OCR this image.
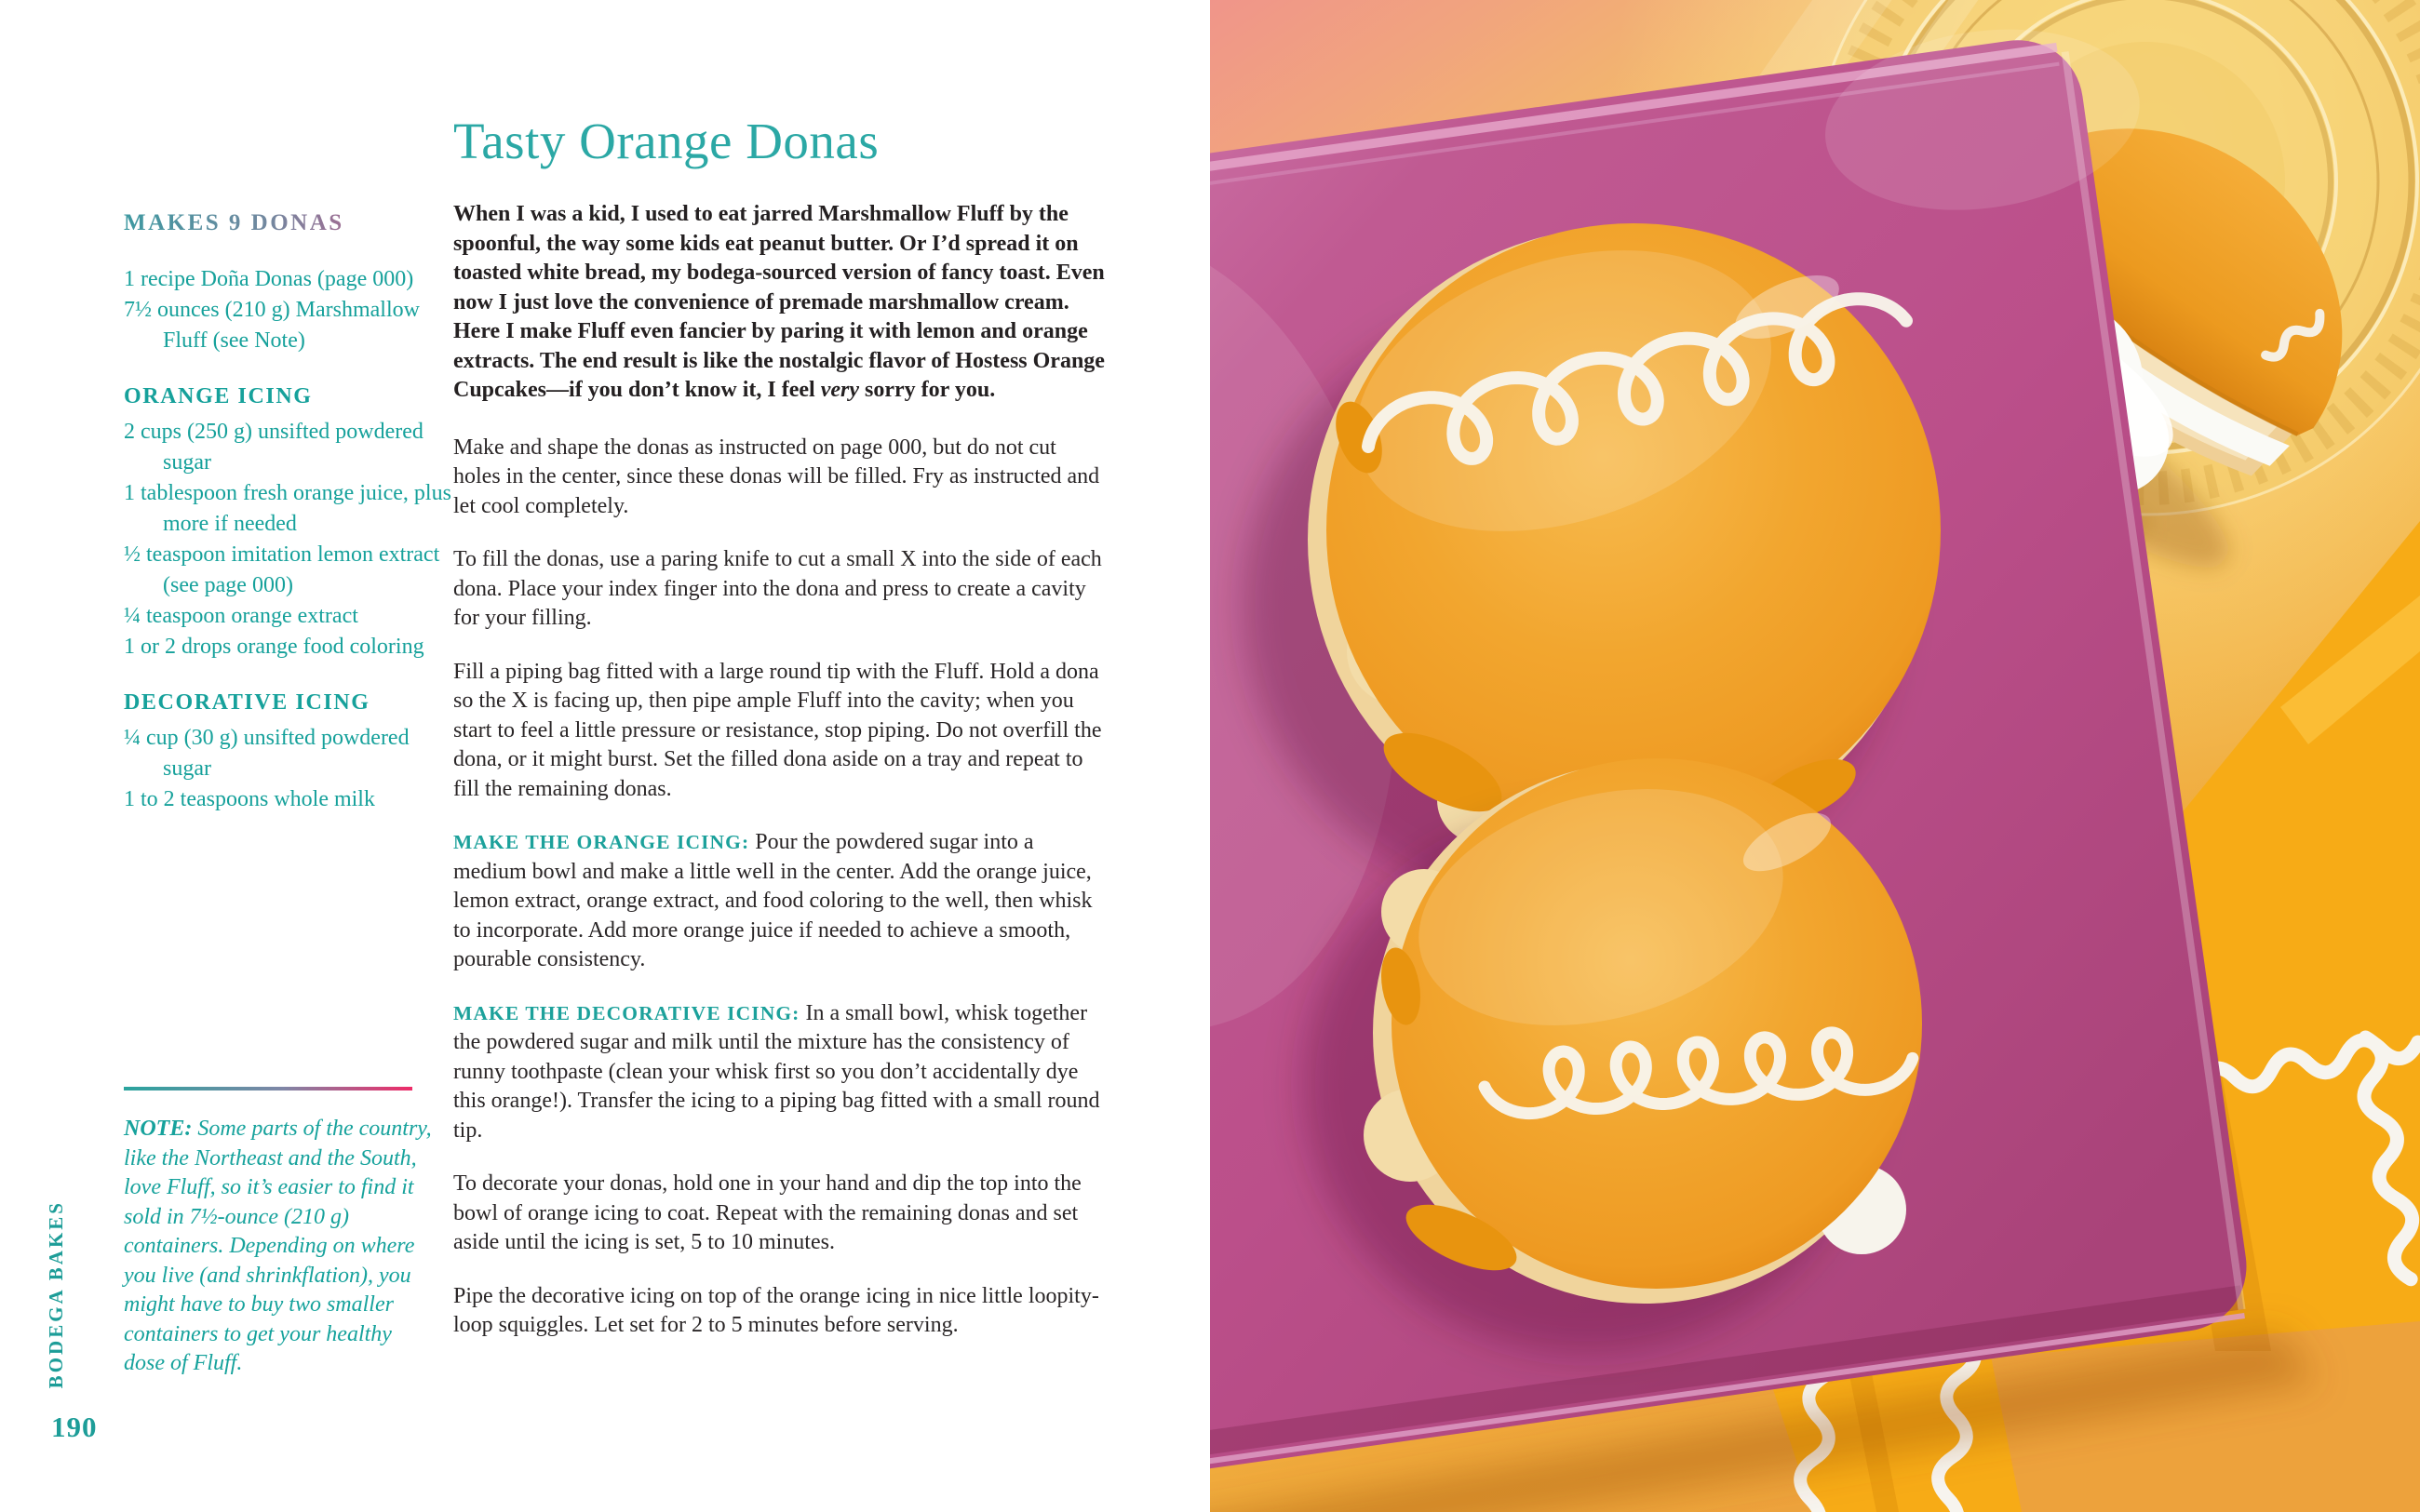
MAKES 9 DONAS
1 recipe Doña Donas (page 000)
7½ ounces (210 g) Marshmallow Fluff (see Note)
ORANGE ICING
2 cups (250 g) unsifted powdered sugar
1 tablespoon fresh orange juice, plus more if needed
½ teaspoon imitation lemon extract (see page 000)
¼ teaspoon orange extract
1 or 2 drops orange food coloring
DECORATIVE ICING
¼ cup (30 g) unsifted powdered sugar
1 to 2 teaspoons whole milk
NOTE: Some parts of the country, like the Northeast and the South, love Fluff, so it’s easier to find it sold in 7½-ounce (210 g) containers. Depending on where you live (and shrinkflation), you might have to buy two smaller containers to get your healthy dose of Fluff.
BODEGA BAKES
190
Tasty Orange Donas

When I was a kid, I used to eat jarred Marshmallow Fluff by the spoonful, the way some kids eat peanut butter. Or I’d spread it on toasted white bread, my bodega-sourced version of fancy toast. Even now I just love the convenience of premade marshmallow cream. Here I make Fluff even fancier by paring it with lemon and orange extracts. The end result is like the nostalgic flavor of Hostess Orange Cupcakes—if you don’t know it, I feel very sorry for you.

Make and shape the donas as instructed on page 000, but do not cut holes in the center, since these donas will be filled. Fry as instructed and let cool completely.

To fill the donas, use a paring knife to cut a small X into the side of each dona. Place your index finger into the dona and press to create a cavity for your filling.

Fill a piping bag fitted with a large round tip with the Fluff. Hold a dona so the X is facing up, then pipe ample Fluff into the cavity; when you start to feel a little pressure or resistance, stop piping. Do not overfill the dona, or it might burst. Set the filled dona aside on a tray and repeat to fill the remaining donas.

MAKE THE ORANGE ICING: Pour the powdered sugar into a medium bowl and make a little well in the center. Add the orange juice, lemon extract, orange extract, and food coloring to the well, then whisk to incorporate. Add more orange juice if needed to achieve a smooth, pourable consistency.

MAKE THE DECORATIVE ICING: In a small bowl, whisk together the powdered sugar and milk until the mixture has the consistency of runny toothpaste (clean your whisk first so you don’t accidentally dye this orange!). Transfer the icing to a piping bag fitted with a small round tip.

To decorate your donas, hold one in your hand and dip the top into the bowl of orange icing to coat. Repeat with the remaining donas and set aside until the icing is set, 5 to 10 minutes.

Pipe the decorative icing on top of the orange icing in nice little loopity-loop squiggles. Let set for 2 to 5 minutes before serving.
